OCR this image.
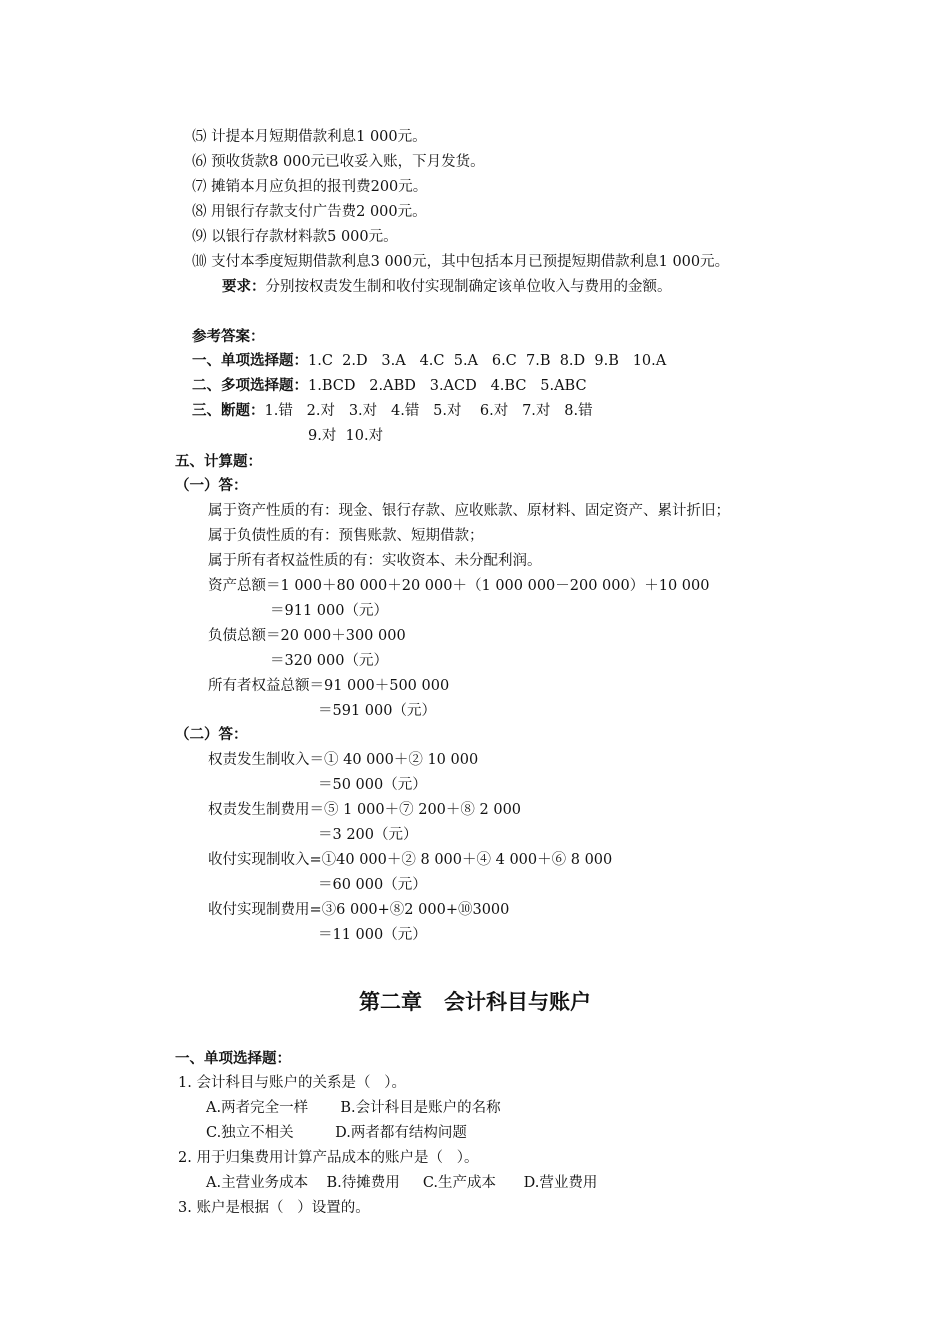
⑸ 计提本月短期借款利息1 000元。
⑹ 预收货款8 000元已收妥入账，下月发货。
⑺ 摊销本月应负担的报刊费200元。
⑻ 用银行存款支付广告费2 000元。
⑼ 以银行存款材料款5 000元。
⑽ 支付本季度短期借款利息3 000元，其中包括本月已预提短期借款利息1 000元。
要求：分别按权责发生制和收付实现制确定该单位收入与费用的金额。
参考答案：
一、单项选择题：1.C  2.D   3.A   4.C  5.A   6.C  7.B  8.D  9.B   10.A
二、多项选择题：1.BCD   2.ABD   3.ACD   4.BC   5.ABC
三、断题：1.错   2.对   3.对   4.错   5.对    6.对   7.对   8.错
9.对  10.对
五、计算题：
（一）答：
属于资产性质的有：现金、银行存款、应收账款、原材料、固定资产、累计折旧；
属于负债性质的有：预售账款、短期借款；
属于所有者权益性质的有：实收资本、未分配利润。
资产总额＝1 000＋80 000＋20 000＋（1 000 000－200 000）＋10 000
＝911 000（元）
负债总额＝20 000＋300 000
＝320 000（元）
所有者权益总额＝91 000＋500 000
＝591 000（元）
（二）答：
权责发生制收入＝① 40 000＋② 10 000
＝50 000（元）
权责发生制费用＝⑤ 1 000＋⑦ 200＋⑧ 2 000
＝3 200（元）
收付实现制收入=①40 000＋② 8 000＋④ 4 000＋⑥ 8 000
＝60 000（元）
收付实现制费用=③6 000+⑧2 000+⑩3000
＝11 000（元）
第二章   会计科目与账户
一、单项选择题：
1. 会计科目与账户的关系是（   ）。
A.两者完全一样       B.会计科目是账户的名称
C.独立不相关         D.两者都有结构问题
2. 用于归集费用计算产品成本的账户是（   ）。
A.主营业务成本    B.待摊费用     C.生产成本      D.营业费用
3. 账户是根据（   ）设置的。
